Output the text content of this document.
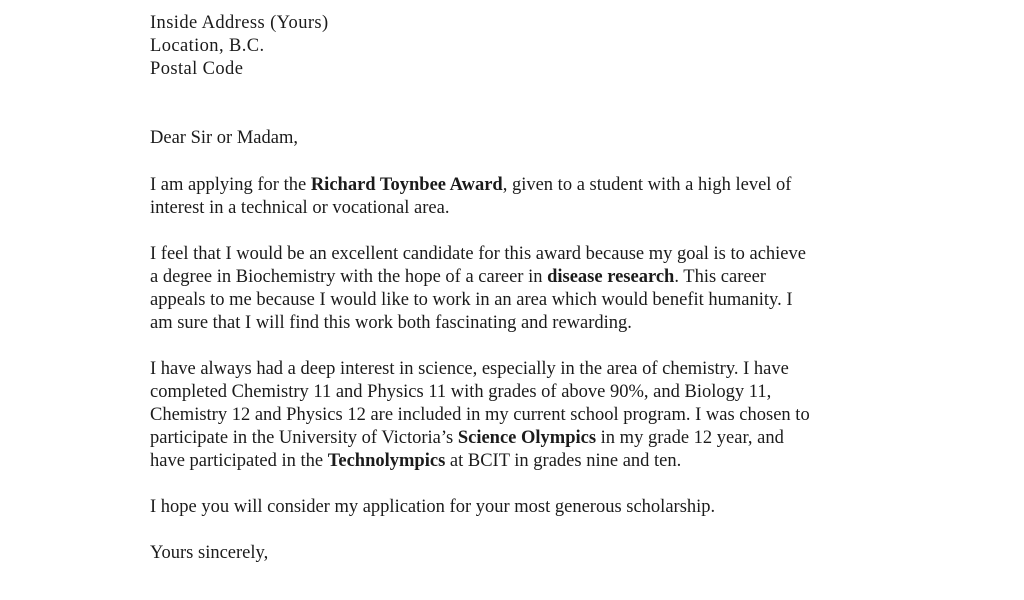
Inside Address (Yours)
Location, B.C.
Postal Code
Dear Sir or Madam,
I am applying for the Richard Toynbee Award, given to a student with a high level of
interest in a technical or vocational area.
I feel that I would be an excellent candidate for this award because my goal is to achieve
a degree in Biochemistry with the hope of a career in disease research. This career
appeals to me because I would like to work in an area which would benefit humanity. I
am sure that I will find this work both fascinating and rewarding.
I have always had a deep interest in science, especially in the area of chemistry. I have
completed Chemistry 11 and Physics 11 with grades of above 90%, and Biology 11,
Chemistry 12 and Physics 12 are included in my current school program. I was chosen to
participate in the University of Victoria’s Science Olympics in my grade 12 year, and
have participated in the Technolympics at BCIT in grades nine and ten.
I hope you will consider my application for your most generous scholarship.
Yours sincerely,
